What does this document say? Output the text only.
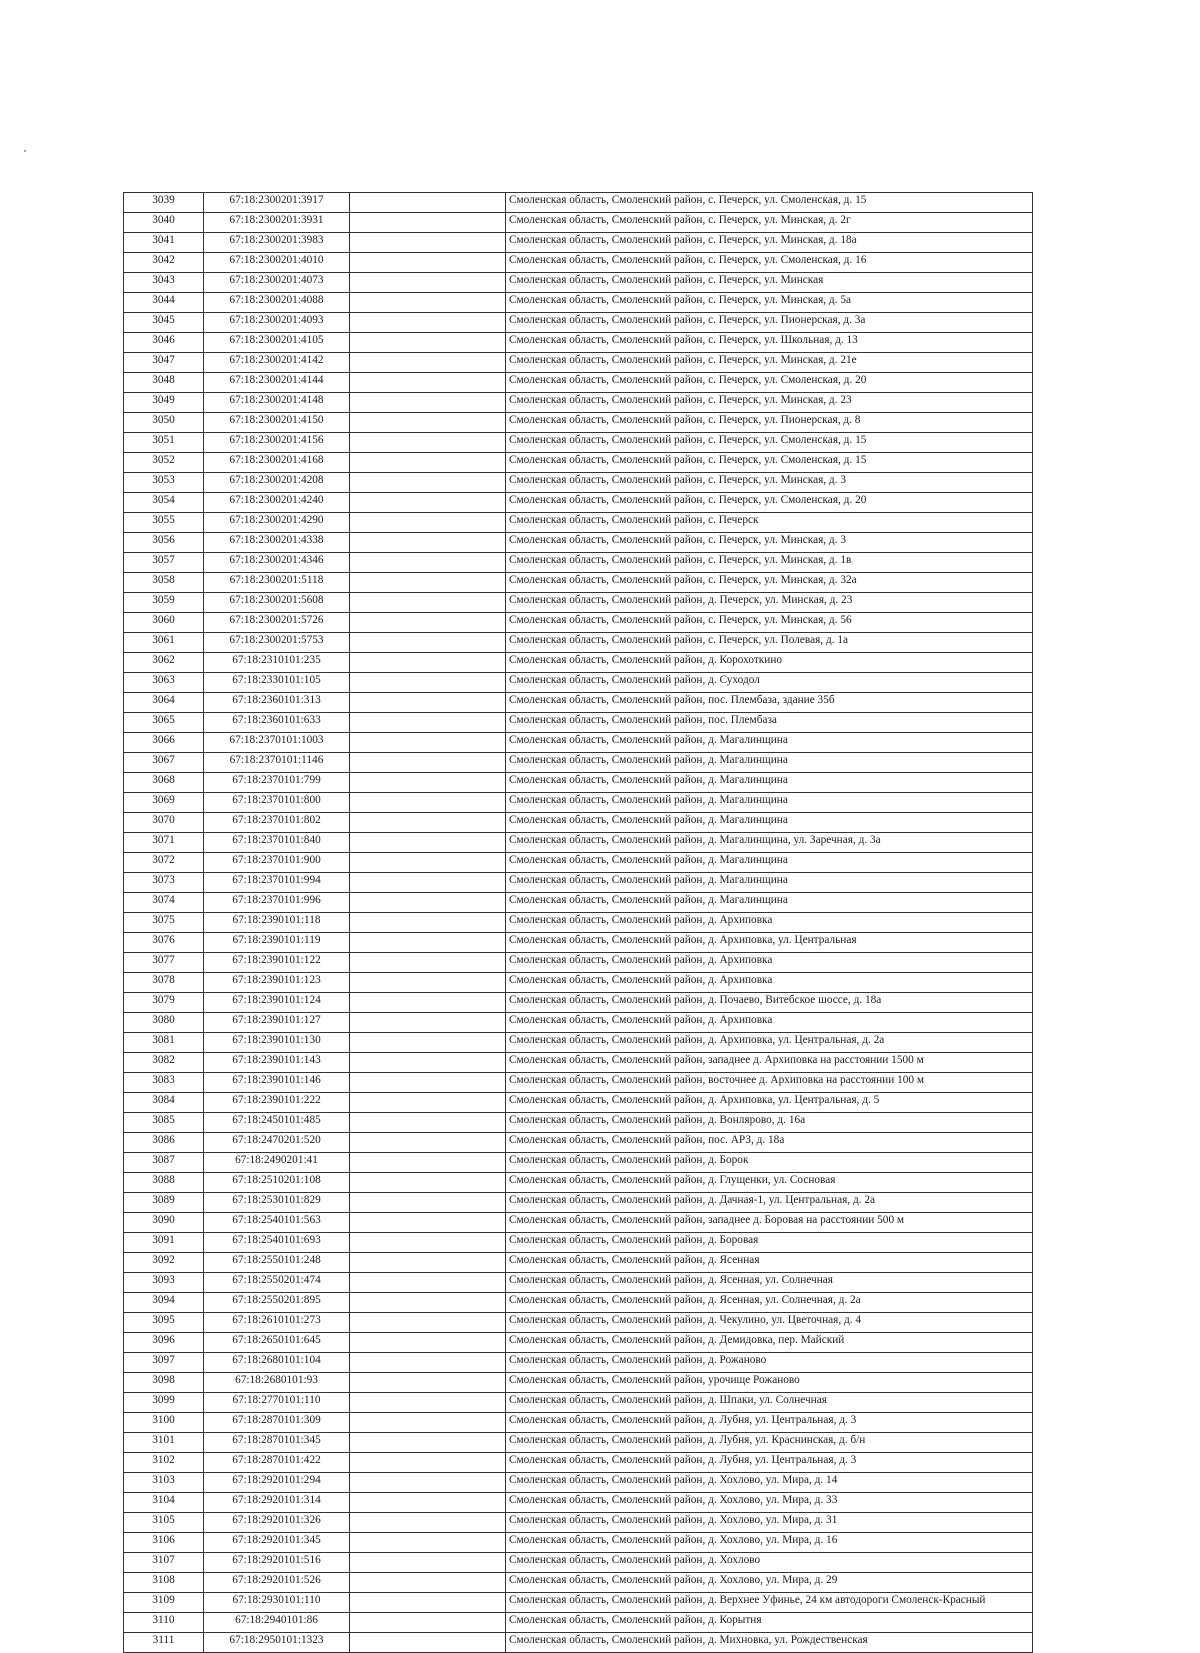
3039	67:18:2300201:3917		Смоленская область, Смоленский район, с. Печерск, ул. Смоленская, д. 15
3040	67:18:2300201:3931		Смоленская область, Смоленский район, с. Печерск, ул. Минская, д. 2г
3041	67:18:2300201:3983		Смоленская область, Смоленский район, с. Печерск, ул. Минская, д. 18а
3042	67:18:2300201:4010		Смоленская область, Смоленский район, с. Печерск, ул. Смоленская, д. 16
3043	67:18:2300201:4073		Смоленская область, Смоленский район, с. Печерск, ул. Минская
3044	67:18:2300201:4088		Смоленская область, Смоленский район, с. Печерск, ул. Минская, д. 5а
3045	67:18:2300201:4093		Смоленская область, Смоленский район, с. Печерск, ул. Пионерская, д. 3а
3046	67:18:2300201:4105		Смоленская область, Смоленский район, с. Печерск, ул. Школьная, д. 13
3047	67:18:2300201:4142		Смоленская область, Смоленский район, с. Печерск, ул. Минская, д. 21е
3048	67:18:2300201:4144		Смоленская область, Смоленский район, с. Печерск, ул. Смоленская, д. 20
3049	67:18:2300201:4148		Смоленская область, Смоленский район, с. Печерск, ул. Минская, д. 23
3050	67:18:2300201:4150		Смоленская область, Смоленский район, с. Печерск, ул. Пионерская, д. 8
3051	67:18:2300201:4156		Смоленская область, Смоленский район, с. Печерск, ул. Смоленская, д. 15
3052	67:18:2300201:4168		Смоленская область, Смоленский район, с. Печерск, ул. Смоленская, д. 15
3053	67:18:2300201:4208		Смоленская область, Смоленский район, с. Печерск, ул. Минская, д. 3
3054	67:18:2300201:4240		Смоленская область, Смоленский район, с. Печерск, ул. Смоленская, д. 20
3055	67:18:2300201:4290		Смоленская область, Смоленский район, с. Печерск
3056	67:18:2300201:4338		Смоленская область, Смоленский район, с. Печерск, ул. Минская, д. 3
3057	67:18:2300201:4346		Смоленская область, Смоленский район, с. Печерск, ул. Минская, д. 1в
3058	67:18:2300201:5118		Смоленская область, Смоленский район, с. Печерск, ул. Минская, д. 32а
3059	67:18:2300201:5608		Смоленская область, Смоленский район, д. Печерск, ул. Минская, д. 23
3060	67:18:2300201:5726		Смоленская область, Смоленский район, с. Печерск, ул. Минская, д. 56
3061	67:18:2300201:5753		Смоленская область, Смоленский район, с. Печерск, ул. Полевая, д. 1а
3062	67:18:2310101:235		Смоленская область, Смоленский район, д. Корохоткино
3063	67:18:2330101:105		Смоленская область, Смоленский район, д. Суходол
3064	67:18:2360101:313		Смоленская область, Смоленский район, пос. Плембаза, здание 35б
3065	67:18:2360101:633		Смоленская область, Смоленский район, пос. Плембаза
3066	67:18:2370101:1003		Смоленская область, Смоленский район, д. Магалинщина
3067	67:18:2370101:1146		Смоленская область, Смоленский район, д. Магалинщина
3068	67:18:2370101:799		Смоленская область, Смоленский район, д. Магалинщина
3069	67:18:2370101:800		Смоленская область, Смоленский район, д. Магалинщина
3070	67:18:2370101:802		Смоленская область, Смоленский район, д. Магалинщина
3071	67:18:2370101:840		Смоленская область, Смоленский район, д. Магалинщина, ул. Заречная, д. 3а
3072	67:18:2370101:900		Смоленская область, Смоленский район, д. Магалинщина
3073	67:18:2370101:994		Смоленская область, Смоленский район, д. Магалинщина
3074	67:18:2370101:996		Смоленская область, Смоленский район, д. Магалинщина
3075	67:18:2390101:118		Смоленская область, Смоленский район, д. Архиповка
3076	67:18:2390101:119		Смоленская область, Смоленский район, д. Архиповка, ул. Центральная
3077	67:18:2390101:122		Смоленская область, Смоленский район, д. Архиповка
3078	67:18:2390101:123		Смоленская область, Смоленский район, д. Архиповка
3079	67:18:2390101:124		Смоленская область, Смоленский район, д. Почаево, Витебское шоссе, д. 18а
3080	67:18:2390101:127		Смоленская область, Смоленский район, д. Архиповка
3081	67:18:2390101:130		Смоленская область, Смоленский район, д. Архиповка, ул. Центральная, д. 2а
3082	67:18:2390101:143		Смоленская область, Смоленский район, западнее д. Архиповка на расстоянии 1500 м
3083	67:18:2390101:146		Смоленская область, Смоленский район, восточнее д. Архиповка на расстоянии 100 м
3084	67:18:2390101:222		Смоленская область, Смоленский район, д. Архиповка, ул. Центральная, д. 5
3085	67:18:2450101:485		Смоленская область, Смоленский район, д. Вонлярово, д. 16а
3086	67:18:2470201:520		Смоленская область, Смоленский район, пос. АРЗ, д. 18а
3087	67:18:2490201:41		Смоленская область, Смоленский район, д. Борок
3088	67:18:2510201:108		Смоленская область, Смоленский район, д. Глущенки, ул. Сосновая
3089	67:18:2530101:829		Смоленская область, Смоленский район, д. Дачная-1, ул. Центральная, д. 2а
3090	67:18:2540101:563		Смоленская область, Смоленский район, западнее д. Боровая на расстоянии 500 м
3091	67:18:2540101:693		Смоленская область, Смоленский район, д. Боровая
3092	67:18:2550101:248		Смоленская область, Смоленский район, д. Ясенная
3093	67:18:2550201:474		Смоленская область, Смоленский район, д. Ясенная, ул. Солнечная
3094	67:18:2550201:895		Смоленская область, Смоленский район, д. Ясенная, ул. Солнечная, д. 2а
3095	67:18:2610101:273		Смоленская область, Смоленский район, д. Чекулино, ул. Цветочная, д. 4
3096	67:18:2650101:645		Смоленская область, Смоленский район, д. Демидовка, пер. Майский
3097	67:18:2680101:104		Смоленская область, Смоленский район, д. Рожаново
3098	67:18:2680101:93		Смоленская область, Смоленский район, урочище Рожаново
3099	67:18:2770101:110		Смоленская область, Смоленский район, д. Шпаки, ул. Солнечная
3100	67:18:2870101:309		Смоленская область, Смоленский район, д. Лубня, ул. Центральная, д. 3
3101	67:18:2870101:345		Смоленская область, Смоленский район, д. Лубня, ул. Краснинская, д. б/н
3102	67:18:2870101:422		Смоленская область, Смоленский район, д. Лубня, ул. Центральная, д. 3
3103	67:18:2920101:294		Смоленская область, Смоленский район, д. Хохлово, ул. Мира, д. 14
3104	67:18:2920101:314		Смоленская область, Смоленский район, д. Хохлово, ул. Мира, д. 33
3105	67:18:2920101:326		Смоленская область, Смоленский район, д. Хохлово, ул. Мира, д. 31
3106	67:18:2920101:345		Смоленская область, Смоленский район, д. Хохлово, ул. Мира, д. 16
3107	67:18:2920101:516		Смоленская область, Смоленский район, д. Хохлово
3108	67:18:2920101:526		Смоленская область, Смоленский район, д. Хохлово, ул. Мира, д. 29
3109	67:18:2930101:110		Смоленская область, Смоленский район, д. Верхнее Уфинье, 24 км автодороги Смоленск-Красный
3110	67:18:2940101:86		Смоленская область, Смоленский район, д. Корытня
3111	67:18:2950101:1323		Смоленская область, Смоленский район, д. Михновка, ул. Рождественская
